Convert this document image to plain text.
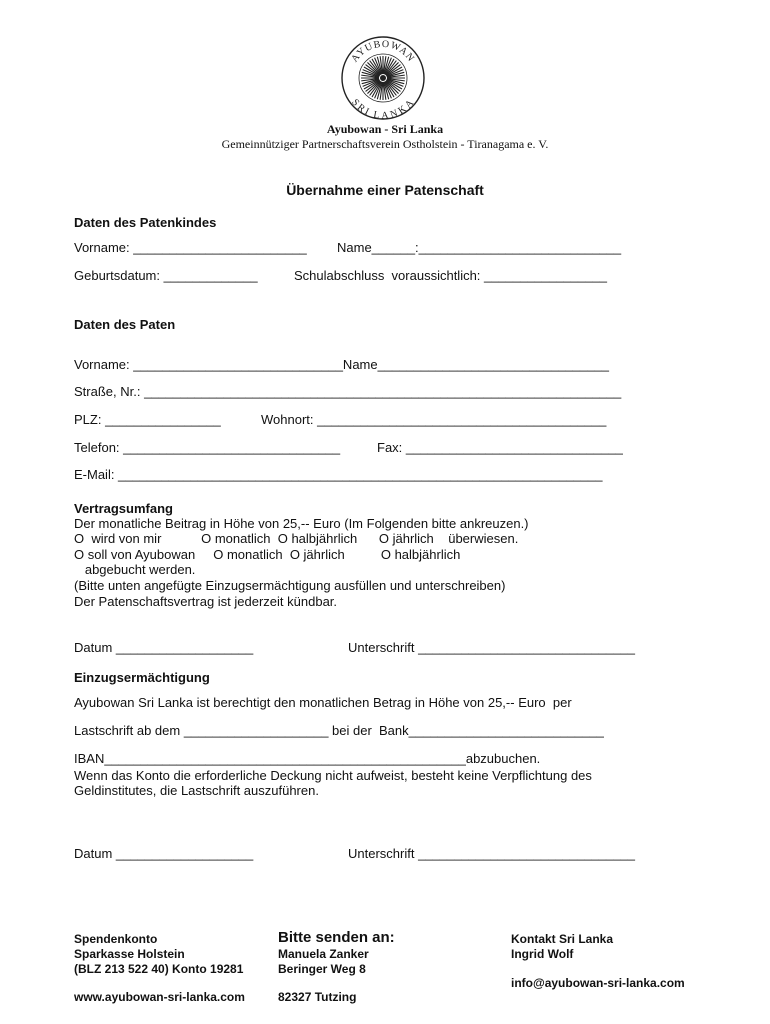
AYUBOWAN
SRI LANKA
Ayubowan - Sri Lanka
Gemeinnütziger Partnerschaftsverein Ostholstein - Tiranagama e. V.
Übernahme einer Patenschaft
Daten des Patenkindes
Vorname: ________________________ Name______:____________________________
Geburtsdatum: _____________	Schulabschluss  voraussichtlich: _________________
Daten des Paten
Vorname: _____________________________Name________________________________
Straße, Nr.: __________________________________________________________________
PLZ: ________________	Wohnort: ________________________________________
Telefon: ______________________________	Fax: ______________________________
E-Mail: ___________________________________________________________________
Vertragsumfang
Der monatliche Beitrag in Höhe von 25,-- Euro (Im Folgenden bitte ankreuzen.)
O  wird von mir           O monatlich  O halbjährlich      O jährlich    überwiesen.
O soll von Ayubowan     O monatlich  O jährlich          O halbjährlich
abgebucht werden.
(Bitte unten angefügte Einzugsermächtigung ausfüllen und unterschreiben)
Der Patenschaftsvertrag ist jederzeit kündbar.
Datum ___________________	Unterschrift ______________________________
Einzugsermächtigung
Ayubowan Sri Lanka ist berechtigt den monatlichen Betrag in Höhe von 25,-- Euro  per
Lastschrift ab dem ____________________ bei der  Bank___________________________
IBAN__________________________________________________abzubuchen.
Wenn das Konto die erforderliche Deckung nicht aufweist, besteht keine Verpflichtung des
Geldinstitutes, die Lastschrift auszuführen.
Datum ___________________	Unterschrift ______________________________
Spendenkonto
Sparkasse Holstein
(BLZ 213 522 40) Konto 19281
www.ayubowan-sri-lanka.com
Bitte senden an:
Manuela Zanker
Beringer Weg 8
82327 Tutzing
Kontakt Sri Lanka
Ingrid Wolf
info@ayubowan-sri-lanka.com
